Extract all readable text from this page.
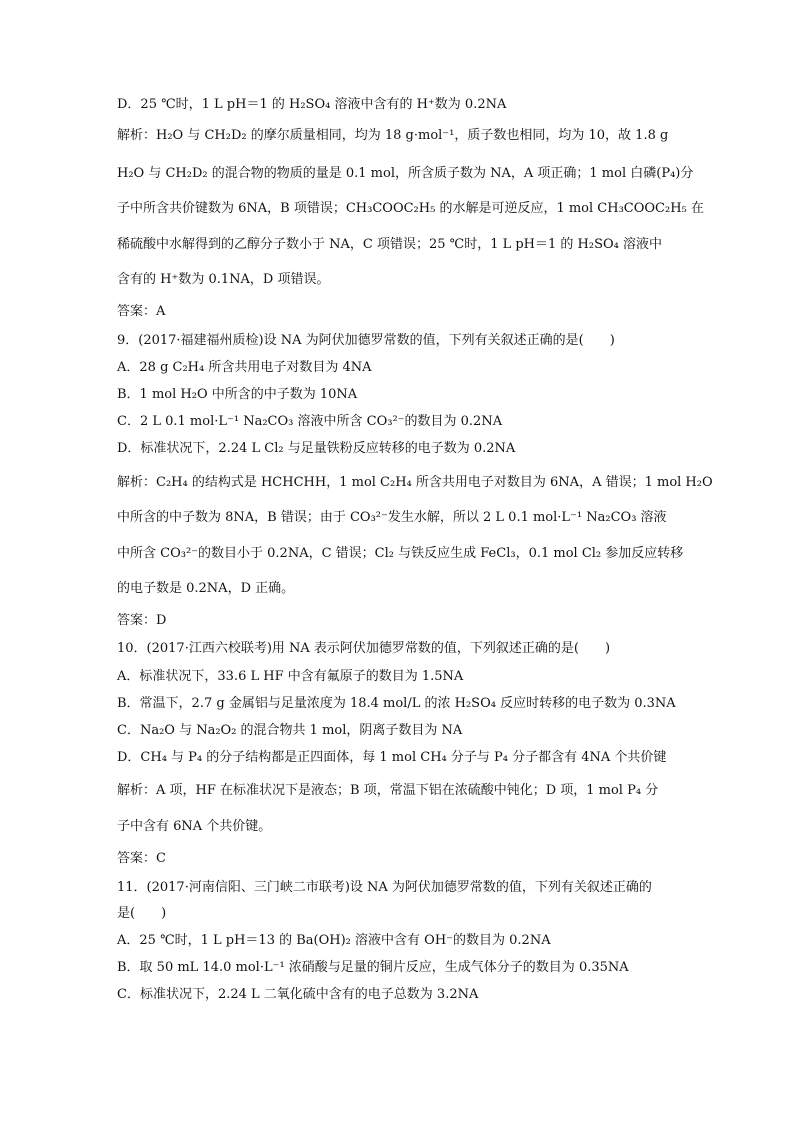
D．25 ℃时，1 L pH＝1 的 H₂SO₄ 溶液中含有的 H⁺数为 0.2NA
解析：H₂O 与 CH₂D₂ 的摩尔质量相同，均为 18 g·mol⁻¹，质子数也相同，均为 10，故 1.8 g
H₂O 与 CH₂D₂ 的混合物的物质的量是 0.1 mol，所含质子数为 NA，A 项正确；1 mol 白磷(P₄)分
子中所含共价键数为 6NA，B 项错误；CH₃COOC₂H₅ 的水解是可逆反应，1 mol CH₃COOC₂H₅ 在
稀硫酸中水解得到的乙醇分子数小于 NA，C 项错误；25 ℃时，1 L pH＝1 的 H₂SO₄ 溶液中
含有的 H⁺数为 0.1NA，D 项错误。
答案：A
9．(2017·福建福州质检)设 NA 为阿伏加德罗常数的值，下列有关叙述正确的是(　　)
A．28 g C₂H₄ 所含共用电子对数目为 4NA
B．1 mol H₂O 中所含的中子数为 10NA
C．2 L 0.1 mol·L⁻¹ Na₂CO₃ 溶液中所含 CO₃²⁻的数目为 0.2NA
D．标准状况下，2.24 L Cl₂ 与足量铁粉反应转移的电子数为 0.2NA
解析：C₂H₄ 的结构式是 HCHCHH，1 mol C₂H₄ 所含共用电子对数目为 6NA，A 错误；1 mol H₂O
中所含的中子数为 8NA，B 错误；由于 CO₃²⁻发生水解，所以 2 L 0.1 mol·L⁻¹ Na₂CO₃ 溶液
中所含 CO₃²⁻的数目小于 0.2NA，C 错误；Cl₂ 与铁反应生成 FeCl₃，0.1 mol Cl₂ 参加反应转移
的电子数是 0.2NA，D 正确。
答案：D
10．(2017·江西六校联考)用 NA 表示阿伏加德罗常数的值，下列叙述正确的是(　　)
A．标准状况下，33.6 L HF 中含有氟原子的数目为 1.5NA
B．常温下，2.7 g 金属铝与足量浓度为 18.4 mol/L 的浓 H₂SO₄ 反应时转移的电子数为 0.3NA
C．Na₂O 与 Na₂O₂ 的混合物共 1 mol，阴离子数目为 NA
D．CH₄ 与 P₄ 的分子结构都是正四面体，每 1 mol CH₄ 分子与 P₄ 分子都含有 4NA 个共价键
解析：A 项，HF 在标准状况下是液态；B 项，常温下铝在浓硫酸中钝化；D 项，1 mol P₄ 分
子中含有 6NA 个共价键。
答案：C
11．(2017·河南信阳、三门峡二市联考)设 NA 为阿伏加德罗常数的值，下列有关叙述正确的
是(　　)
A．25 ℃时，1 L pH＝13 的 Ba(OH)₂ 溶液中含有 OH⁻的数目为 0.2NA
B．取 50 mL 14.0 mol·L⁻¹ 浓硝酸与足量的铜片反应，生成气体分子的数目为 0.35NA
C．标准状况下，2.24 L 二氧化硫中含有的电子总数为 3.2NA
